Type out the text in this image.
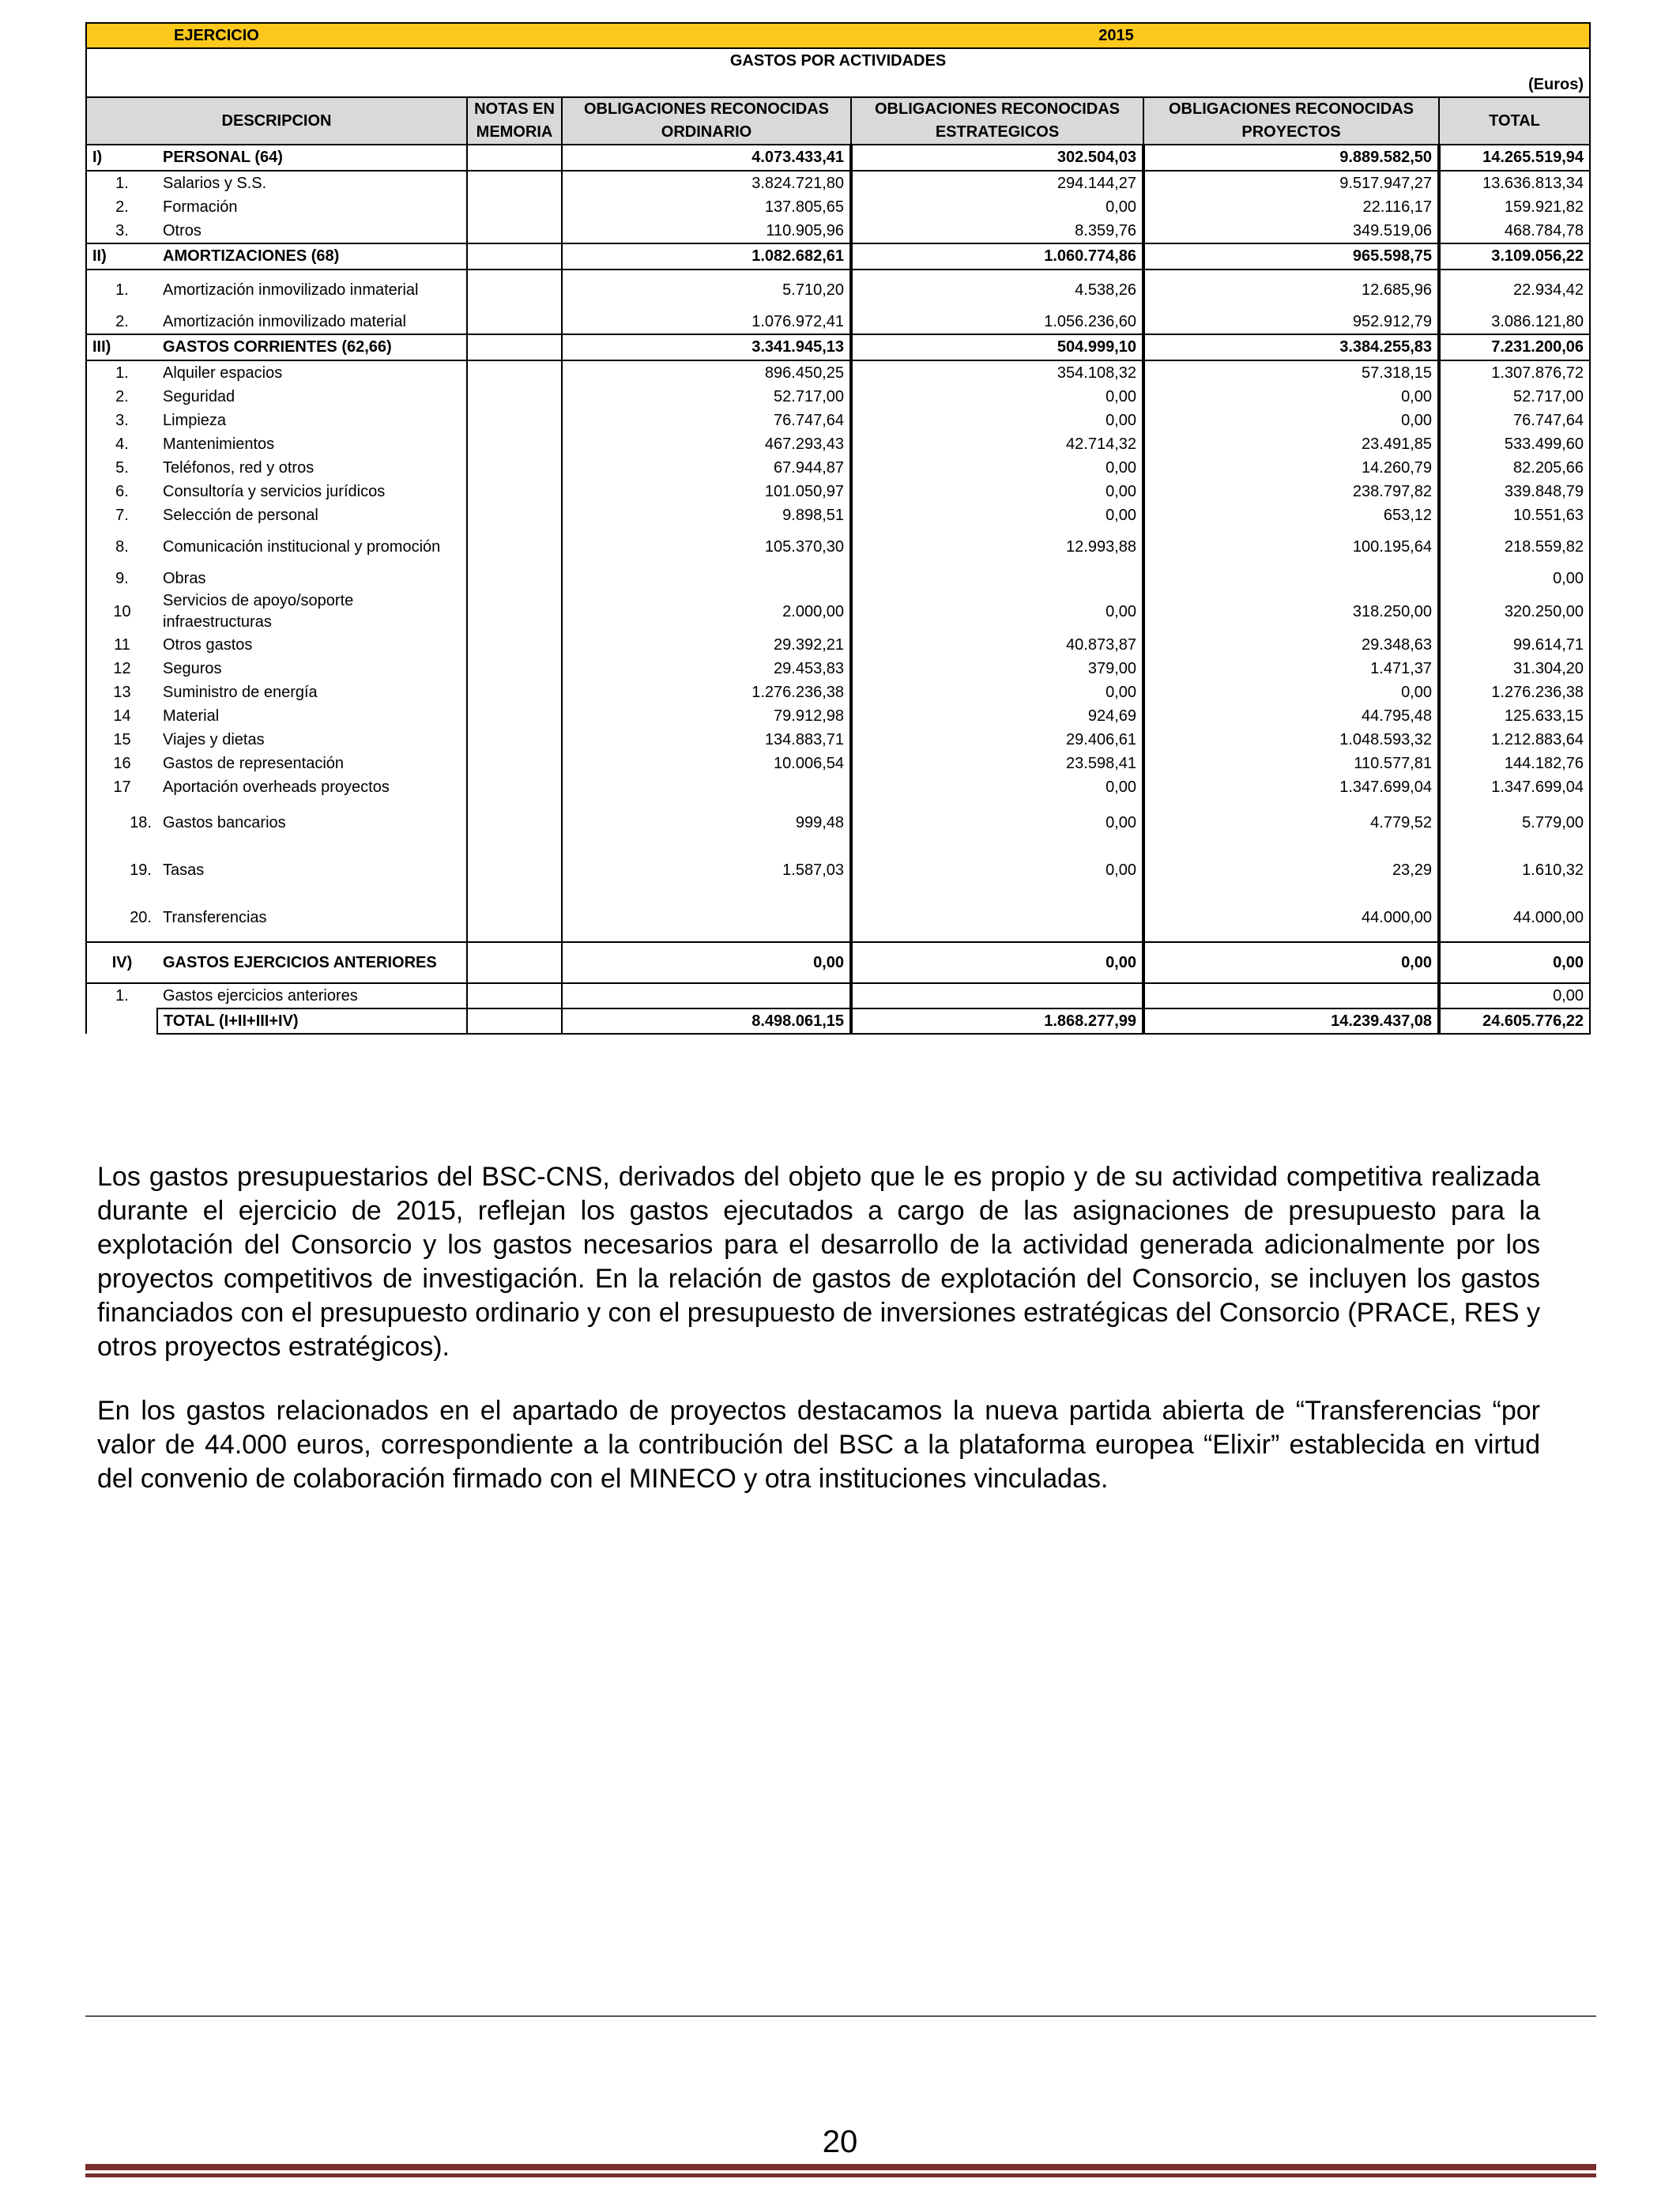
EJERCICIO		2015				
GASTOS POR ACTIVIDADES						
(Euros)						
DESCRIPCION		NOTAS EN	OBLIGACIONES RECONOCIDAS	OBLIGACIONES RECONOCIDAS	OBLIGACIONES RECONOCIDAS	TOTAL
		MEMORIA	ORDINARIO	ESTRATEGICOS	PROYECTOS	
I)	PERSONAL (64)		4.073.433,41	302.504,03	9.889.582,50	14.265.519,94
1.	Salarios y S.S.		3.824.721,80	294.144,27	9.517.947,27	13.636.813,34
2.	Formación		137.805,65	0,00	22.116,17	159.921,82
3.	Otros		110.905,96	8.359,76	349.519,06	468.784,78
II)	AMORTIZACIONES (68)		1.082.682,61	1.060.774,86	965.598,75	3.109.056,22
1.	Amortización inmovilizado inmaterial		5.710,20	4.538,26	12.685,96	22.934,42
2.	Amortización inmovilizado material		1.076.972,41	1.056.236,60	952.912,79	3.086.121,80
III)	GASTOS CORRIENTES (62,66)		3.341.945,13	504.999,10	3.384.255,83	7.231.200,06
1.	Alquiler espacios		896.450,25	354.108,32	57.318,15	1.307.876,72
2.	Seguridad		52.717,00	0,00	0,00	52.717,00
3.	Limpieza		76.747,64	0,00	0,00	76.747,64
4.	Mantenimientos		467.293,43	42.714,32	23.491,85	533.499,60
5.	Teléfonos, red y otros		67.944,87	0,00	14.260,79	82.205,66
6.	Consultoría y servicios jurídicos		101.050,97	0,00	238.797,82	339.848,79
7.	Selección de personal		9.898,51	0,00	653,12	10.551,63
8.	Comunicación institucional y promoción		105.370,30	12.993,88	100.195,64	218.559,82
9.	Obras					0,00
10	Servicios de apoyo/soporte infraestructuras		2.000,00	0,00	318.250,00	320.250,00
11	Otros gastos		29.392,21	40.873,87	29.348,63	99.614,71
12	Seguros		29.453,83	379,00	1.471,37	31.304,20
13	Suministro de energía		1.276.236,38	0,00	0,00	1.276.236,38
14	Material		79.912,98	924,69	44.795,48	125.633,15
15	Viajes y dietas		134.883,71	29.406,61	1.048.593,32	1.212.883,64
16	Gastos de representación		10.006,54	23.598,41	110.577,81	144.182,76
17	Aportación overheads proyectos			0,00	1.347.699,04	1.347.699,04
18.	Gastos bancarios		999,48	0,00	4.779,52	5.779,00
19.	Tasas		1.587,03	0,00	23,29	1.610,32
20.	Transferencias				44.000,00	44.000,00
IV)	GASTOS EJERCICIOS ANTERIORES		0,00	0,00	0,00	0,00
1.	Gastos ejercicios anteriores					0,00
	TOTAL (I+II+III+IV)		8.498.061,15	1.868.277,99	14.239.437,08	24.605.776,22

Los gastos presupuestarios del BSC-CNS, derivados del objeto que le es propio y de su actividad competitiva realizada durante el ejercicio de 2015, reflejan los gastos ejecutados a cargo de las asignaciones de presupuesto para la explotación del Consorcio y los gastos necesarios para el desarrollo de la actividad generada adicionalmente por los proyectos competitivos de investigación. En la relación de gastos de explotación del Consorcio, se incluyen los gastos financiados con el presupuesto ordinario y con el presupuesto de inversiones estratégicas del Consorcio (PRACE, RES y otros proyectos estratégicos).

En los gastos relacionados en el apartado de proyectos destacamos la nueva partida abierta de “Transferencias “por valor de 44.000 euros, correspondiente a la contribución del BSC a la plataforma europea “Elixir” establecida en virtud del convenio de colaboración firmado con el MINECO y otra instituciones vinculadas.

20
